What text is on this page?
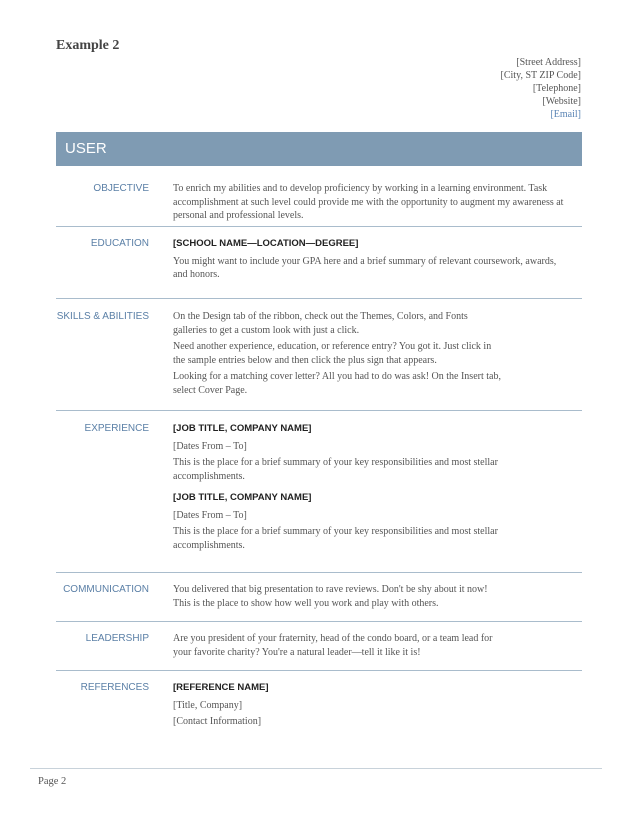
Example 2
[Street Address]
[City, ST ZIP Code]
[Telephone]
[Website]
[Email]
USER
OBJECTIVE To enrich my abilities and to develop proficiency by working in a learning environment. Task accomplishment at such level could provide me with the opportunity to augment my awareness at personal and professional levels.

EDUCATION	[SCHOOL NAME—LOCATION—DEGREE]

You might want to include your GPA here and a brief summary of relevant coursework, awards, and honors.

SKILLS & ABILITIES On the Design tab of the ribbon, check out the Themes, Colors, and Fonts galleries to get a custom look with just a click.

Need another experience, education, or reference entry? You got it. Just click in the sample entries below and then click the plus sign that appears.

Looking for a matching cover letter? All you had to do was ask! On the Insert tab, select Cover Page.

EXPERIENCE	[JOB TITLE, COMPANY NAME]

[Dates From – To]

This is the place for a brief summary of your key responsibilities and most stellar accomplishments.

[JOB TITLE, COMPANY NAME]

[Dates From – To]

This is the place for a brief summary of your key responsibilities and most stellar accomplishments.

COMMUNICATION You delivered that big presentation to rave reviews. Don't be shy about it now! This is the place to show how well you work and play with others.

LEADERSHIP Are you president of your fraternity, head of the condo board, or a team lead for your favorite charity? You're a natural leader—tell it like it is!

REFERENCES	[REFERENCE NAME]

[Title, Company]

[Contact Information]

Page 2
